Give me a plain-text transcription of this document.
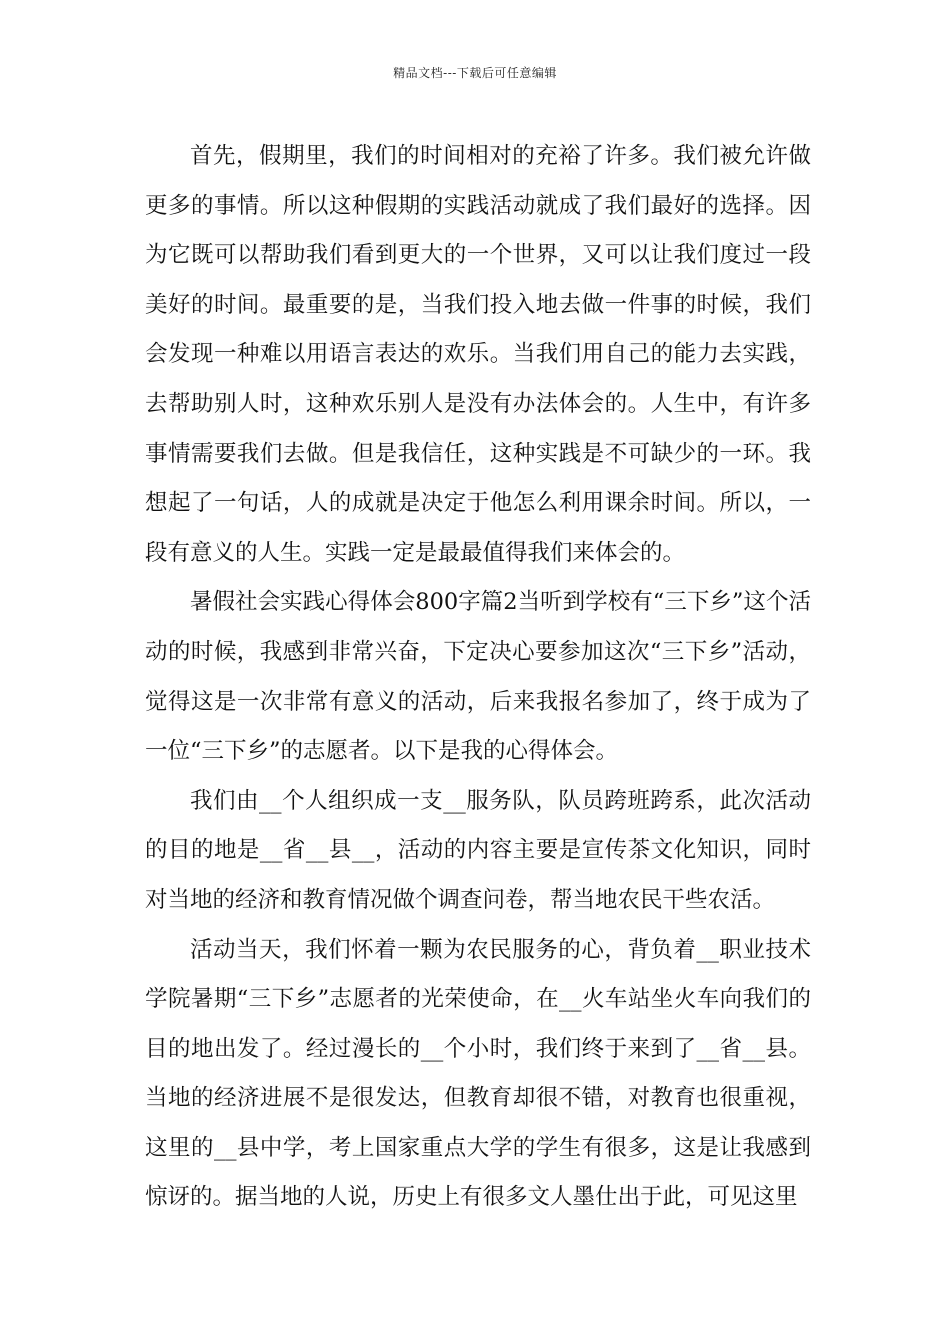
精品文档---下载后可任意编辑

首先，假期里，我们的时间相对的充裕了许多。我们被允许做更多的事情。所以这种假期的实践活动就成了我们最好的选择。因为它既可以帮助我们看到更大的一个世界，又可以让我们度过一段美好的时间。最重要的是，当我们投入地去做一件事的时候，我们会发现一种难以用语言表达的欢乐。当我们用自己的能力去实践，去帮助别人时，这种欢乐别人是没有办法体会的。人生中，有许多事情需要我们去做。但是我信任，这种实践是不可缺少的一环。我想起了一句话，人的成就是决定于他怎么利用课余时间。所以，一段有意义的人生。实践一定是最最值得我们来体会的。

暑假社会实践心得体会800字篇2当听到学校有“三下乡”这个活动的时候，我感到非常兴奋，下定决心要参加这次“三下乡”活动，觉得这是一次非常有意义的活动，后来我报名参加了，终于成为了一位“三下乡”的志愿者。以下是我的心得体会。

我们由__个人组织成一支__服务队，队员跨班跨系，此次活动的目的地是__省__县__，活动的内容主要是宣传茶文化知识，同时对当地的经济和教育情况做个调查问卷，帮当地农民干些农活。

活动当天，我们怀着一颗为农民服务的心，背负着__职业技术学院暑期“三下乡”志愿者的光荣使命，在__火车站坐火车向我们的目的地出发了。经过漫长的__个小时，我们终于来到了__省__县。当地的经济进展不是很发达，但教育却很不错，对教育也很重视，这里的__县中学，考上国家重点大学的学生有很多，这是让我感到惊讶的。据当地的人说，历史上有很多文人墨仕出于此，可见这里
